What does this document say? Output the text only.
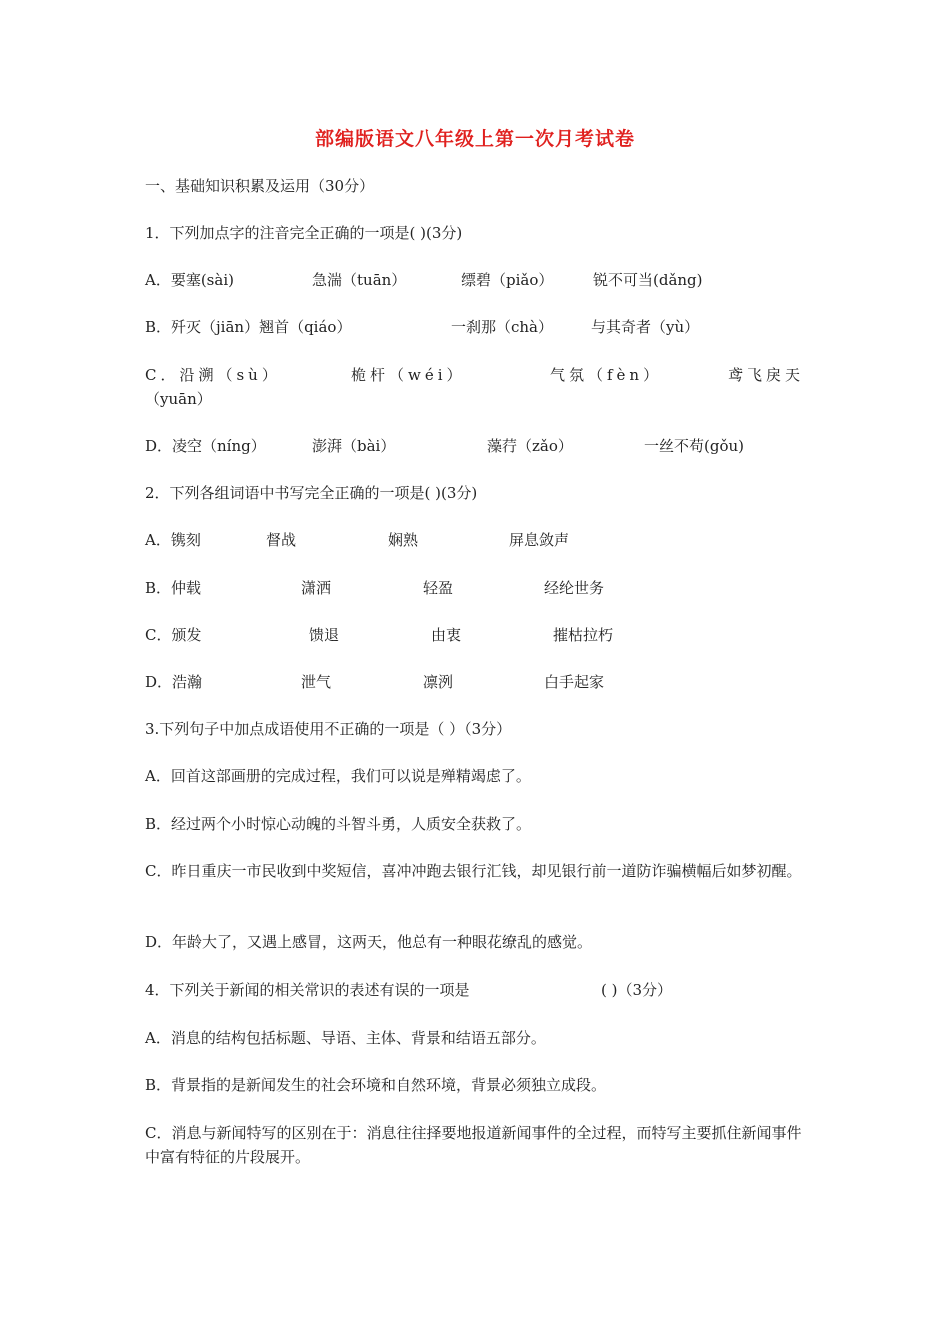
部编版语文八年级上第一次月考试卷
一、基础知识积累及运用（30分）
1．下列加点字的注音完全正确的一项是( )(3分)
A．要塞(sài)	急湍（tuān）	缥碧（piǎo）	锐不可当(dǎng)
B．歼灭（jiān）翘首（qiáo）	一刹那（chà）	与其奇者（yù）
C．沿溯（sù）	桅杆（wéi）	气氛（fèn）	鸢飞戾天
（yuān）
D．凌空（níng）	澎湃（bài）	藻荇（zǎo）	一丝不苟(gǒu)
2．下列各组词语中书写完全正确的一项是( )(3分)
A．镌刻	督战	娴熟	屏息敛声
B．仲载	潇洒	轻盈	经纶世务
C．颁发	馈退	由衷	摧枯拉朽
D．浩瀚	泄气	凛洌	白手起家
3.下列句子中加点成语使用不正确的一项是（ ）（3分）
A．回首这部画册的完成过程，我们可以说是殚精竭虑了。
B．经过两个小时惊心动魄的斗智斗勇，人质安全获救了。
C．昨日重庆一市民收到中奖短信，喜冲冲跑去银行汇钱，却见银行前一道防诈骗横幅后如梦初醒。
D．年龄大了，又遇上感冒，这两天，他总有一种眼花缭乱的感觉。
4．下列关于新闻的相关常识的表述有误的一项是	( )（3分）
A．消息的结构包括标题、导语、主体、背景和结语五部分。
B．背景指的是新闻发生的社会环境和自然环境，背景必须独立成段。
C．消息与新闻特写的区别在于：消息往往择要地报道新闻事件的全过程，而特写主要抓住新闻事件中富有特征的片段展开。
